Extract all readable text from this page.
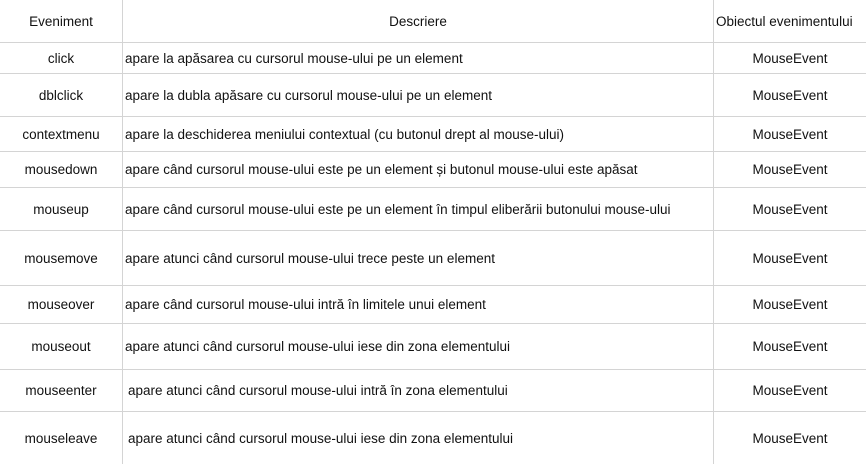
Eveniment	Descriere	Obiectul evenimentului
click	apare la apăsarea cu cursorul mouse-ului pe un element	MouseEvent
dblclick	apare la dubla apăsare cu cursorul mouse-ului pe un element	MouseEvent
contextmenu	apare la deschiderea meniului contextual (cu butonul drept al mouse-ului)	MouseEvent
mousedown	apare când cursorul mouse-ului este pe un element și butonul mouse-ului este apăsat	MouseEvent
mouseup	apare când cursorul mouse-ului este pe un element în timpul eliberării butonului mouse-ului	MouseEvent
mousemove	apare atunci când cursorul mouse-ului trece peste un element	MouseEvent
mouseover	apare când cursorul mouse-ului intră în limitele unui element	MouseEvent
mouseout	apare atunci când cursorul mouse-ului iese din zona elementului	MouseEvent
mouseenter	apare atunci când cursorul mouse-ului intră în zona elementului	MouseEvent
mouseleave	apare atunci când cursorul mouse-ului iese din zona elementului	MouseEvent
